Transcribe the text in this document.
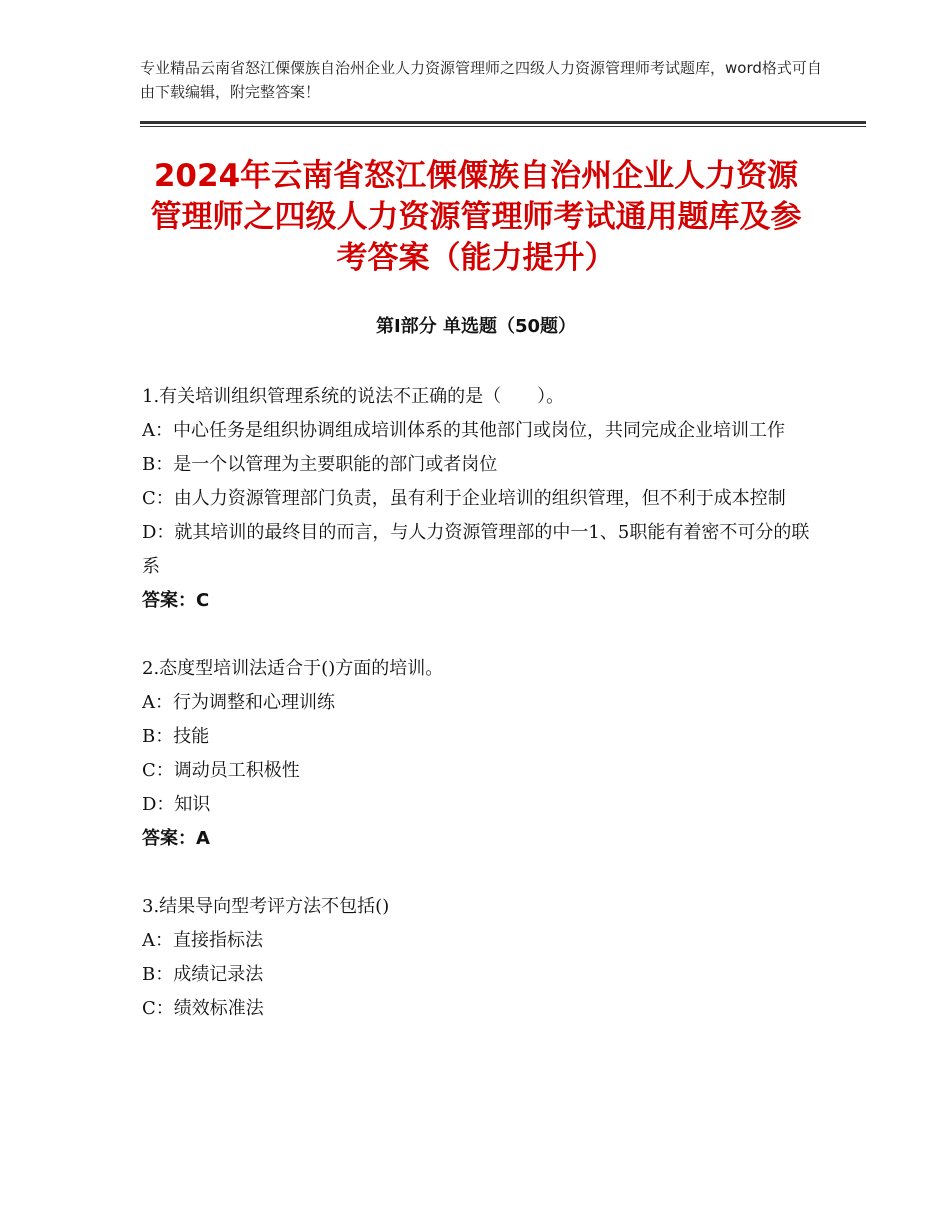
专业精品云南省怒江傈僳族自治州企业人力资源管理师之四级人力资源管理师考试题库，word格式可自由下载编辑，附完整答案！
2024年云南省怒江傈僳族自治州企业人力资源管理师之四级人力资源管理师考试通用题库及参考答案（能力提升）
第Ⅰ部分 单选题（50题）
1.有关培训组织管理系统的说法不正确的是（　　）。
A：中心任务是组织协调组成培训体系的其他部门或岗位，共同完成企业培训工作
B：是一个以管理为主要职能的部门或者岗位
C：由人力资源管理部门负责，虽有利于企业培训的组织管理，但不利于成本控制
D：就其培训的最终目的而言，与人力资源管理部的中一1、5职能有着密不可分的联系
答案：C
2.态度型培训法适合于()方面的培训。
A：行为调整和心理训练
B：技能
C：调动员工积极性
D：知识
答案：A
3.结果导向型考评方法不包括()
A：直接指标法
B：成绩记录法
C：绩效标准法
